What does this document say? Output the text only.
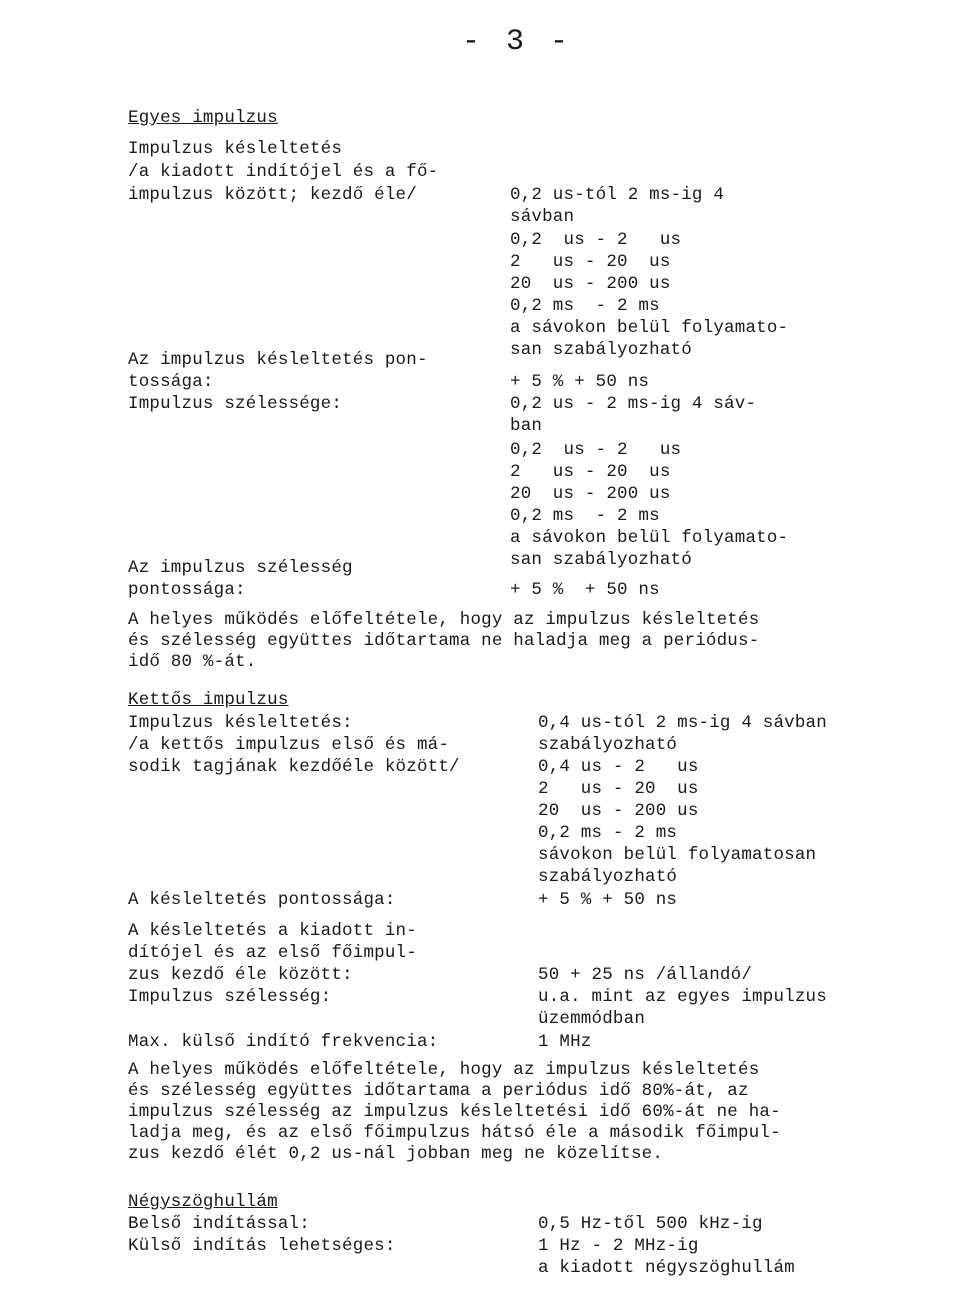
- 3 -
Egyes impulzus
Impulzus késleltetés
/a kiadott indítójel és a fő-
impulzus között; kezdő éle/	0,2 us-tól 2 ms-ig 4
sávban
0,2  us - 2   us
2   us - 20  us
20  us - 200 us
0,2 ms  - 2 ms
a sávokon belül folyamato-
san szabályozható
Az impulzus késleltetés pon-
tossága:	+ 5 % + 50 ns
Impulzus szélessége:	0,2 us - 2 ms-ig 4 sáv-
ban
0,2  us - 2   us
2   us - 20  us
20  us - 200 us
0,2 ms  - 2 ms
a sávokon belül folyamato-
san szabályozható
Az impulzus szélesség
pontossága:	+ 5 %  + 50 ns
A helyes működés előfeltétele, hogy az impulzus késleltetés
és szélesség együttes időtartama ne haladja meg a periódus-
idő 80 %-át.
Kettős impulzus
Impulzus késleltetés:
/a kettős impulzus első és má-
sodik tagjának kezdőéle között/
0,4 us-tól 2 ms-ig 4 sávban
szabályozható
0,4 us - 2   us
2   us - 20  us
20  us - 200 us
0,2 ms - 2 ms
sávokon belül folyamatosan
szabályozható
A késleltetés pontossága:	+ 5 % + 50 ns
A késleltetés a kiadott in-
dítójel és az első főimpul-
zus kezdő éle között:	50 + 25 ns /állandó/
Impulzus szélesség:	u.a. mint az egyes impulzus
üzemmódban
Max. külső indító frekvencia:	1 MHz
A helyes működés előfeltétele, hogy az impulzus késleltetés
és szélesség együttes időtartama a periódus idő 80%-át, az
impulzus szélesség az impulzus késleltetési idő 60%-át ne ha-
ladja meg, és az első főimpulzus hátsó éle a második főimpul-
zus kezdő élét 0,2 us-nál jobban meg ne közelítse.
Négyszöghullám
Belső indítással:	0,5 Hz-től 500 kHz-ig
Külső indítás lehetséges:	1 Hz - 2 MHz-ig
a kiadott négyszöghullám
